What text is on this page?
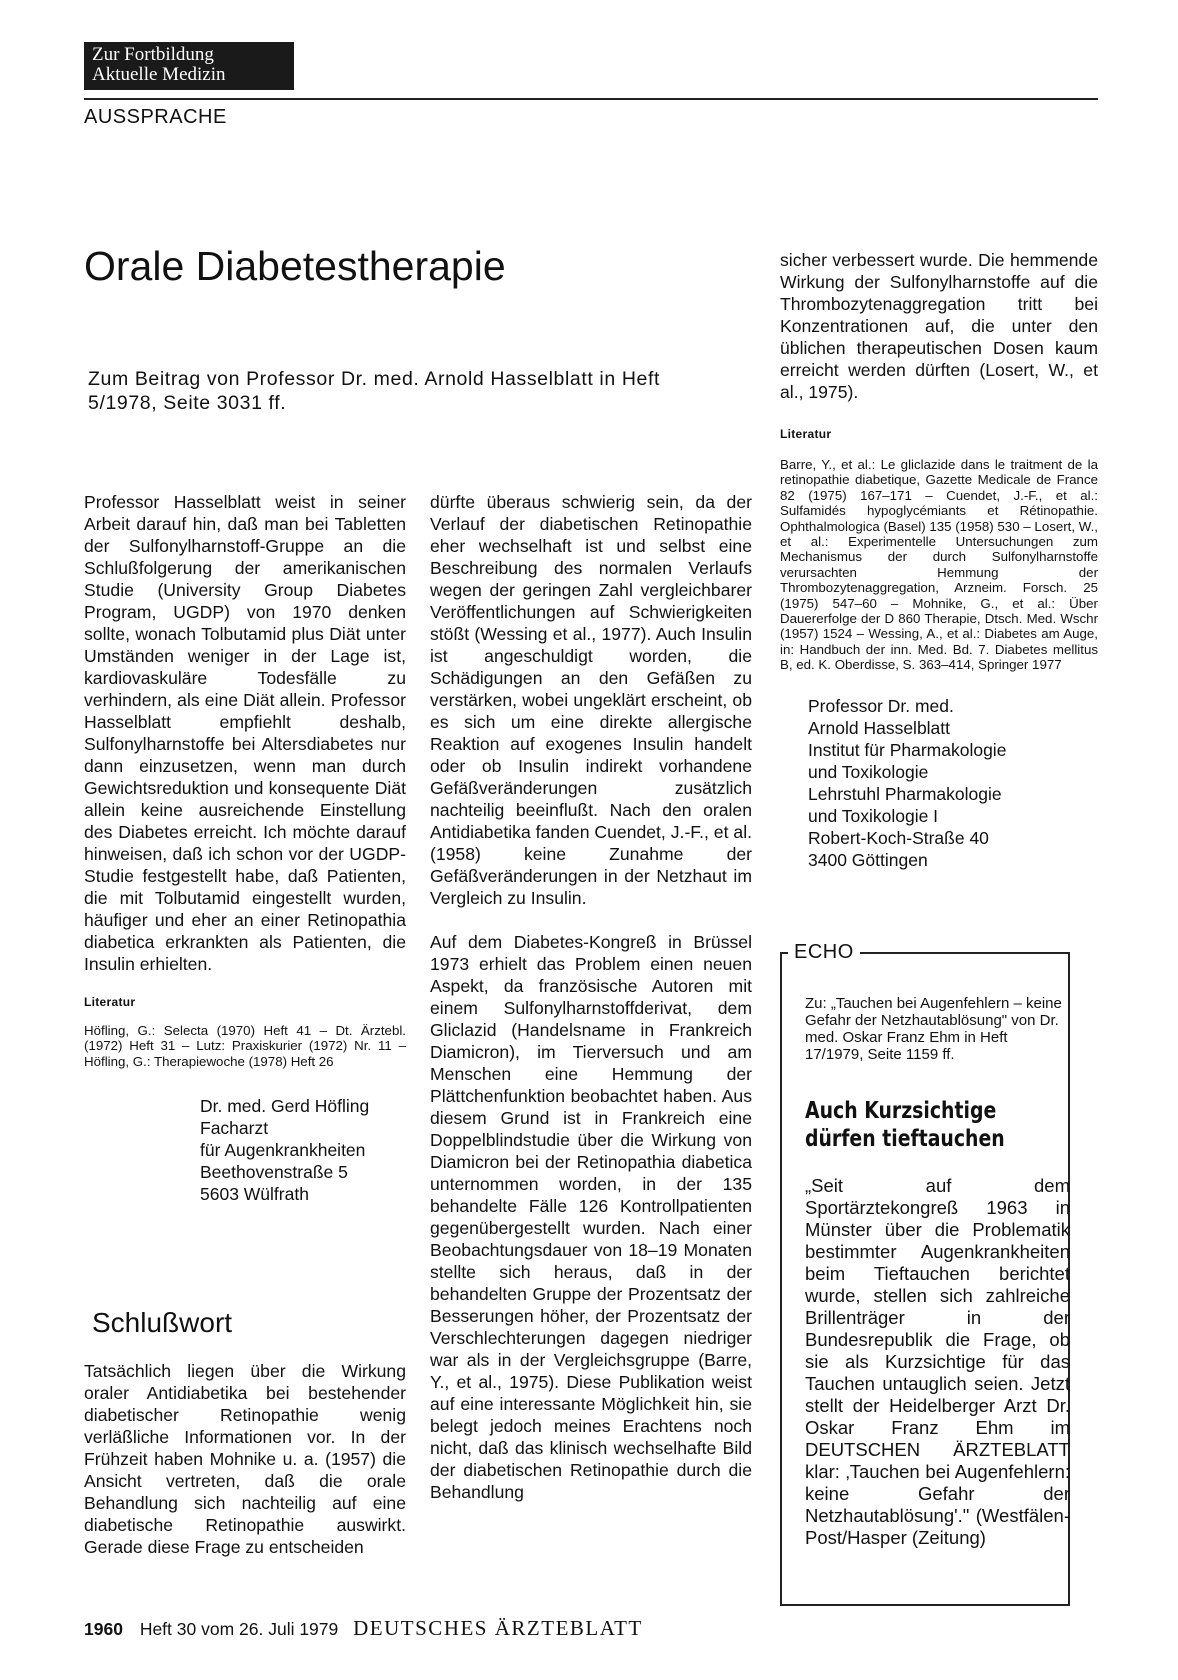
Zur Fortbildung
Aktuelle Medizin
AUSSPRACHE
Orale Diabetestherapie
Zum Beitrag von Professor Dr. med. Arnold Hasselblatt in Heft 5/1978, Seite 3031 ff.

Professor Hasselblatt weist in seiner Arbeit darauf hin, daß man bei Tabletten der Sulfonylharnstoff-Gruppe an die Schlußfolgerung der amerikanischen Studie (University Group Diabetes Program, UGDP) von 1970 denken sollte, wonach Tolbutamid plus Diät unter Umständen weniger in der Lage ist, kardiovaskuläre Todesfälle zu verhindern, als eine Diät allein. Professor Hasselblatt empfiehlt deshalb, Sulfonylharnstoffe bei Altersdiabetes nur dann einzusetzen, wenn man durch Gewichtsreduktion und konsequente Diät allein keine ausreichende Einstellung des Diabetes erreicht. Ich möchte darauf hinweisen, daß ich schon vor der UGDP-Studie festgestellt habe, daß Patienten, die mit Tolbutamid eingestellt wurden, häufiger und eher an einer Retinopathia diabetica erkrankten als Patienten, die Insulin erhielten.

Literatur
Höfling, G.: Selecta (1970) Heft 41 – Dt. Ärztebl. (1972) Heft 31 – Lutz: Praxiskurier (1972) Nr. 11 – Höfling, G.: Therapiewoche (1978) Heft 26
Dr. med. Gerd Höfling
Facharzt
für Augenkrankheiten
Beethovenstraße 5
5603 Wülfrath
Schlußwort

Tatsächlich liegen über die Wirkung oraler Antidiabetika bei bestehender diabetischer Retinopathie wenig verläßliche Informationen vor. In der Frühzeit haben Mohnike u. a. (1957) die Ansicht vertreten, daß die orale Behandlung sich nachteilig auf eine diabetische Retinopathie auswirkt. Gerade diese Frage zu entscheiden

dürfte überaus schwierig sein, da der Verlauf der diabetischen Retinopathie eher wechselhaft ist und selbst eine Beschreibung des normalen Verlaufs wegen der geringen Zahl vergleichbarer Veröffentlichungen auf Schwierigkeiten stößt (Wessing et al., 1977). Auch Insulin ist angeschuldigt worden, die Schädigungen an den Gefäßen zu verstärken, wobei ungeklärt erscheint, ob es sich um eine direkte allergische Reaktion auf exogenes Insulin handelt oder ob Insulin indirekt vorhandene Gefäßveränderungen zusätzlich nachteilig beeinflußt. Nach den oralen Antidiabetika fanden Cuendet, J.-F., et al. (1958) keine Zunahme der Gefäßveränderungen in der Netzhaut im Vergleich zu Insulin.

Auf dem Diabetes-Kongreß in Brüssel 1973 erhielt das Problem einen neuen Aspekt, da französische Autoren mit einem Sulfonylharnstoffderivat, dem Gliclazid (Handelsname in Frankreich Diamicron), im Tierversuch und am Menschen eine Hemmung der Plättchenfunktion beobachtet haben. Aus diesem Grund ist in Frankreich eine Doppelblindstudie über die Wirkung von Diamicron bei der Retinopathia diabetica unternommen worden, in der 135 behandelte Fälle 126 Kontrollpatienten gegenübergestellt wurden. Nach einer Beobachtungsdauer von 18–19 Monaten stellte sich heraus, daß in der behandelten Gruppe der Prozentsatz der Besserungen höher, der Prozentsatz der Verschlechterungen dagegen niedriger war als in der Vergleichsgruppe (Barre, Y., et al., 1975). Diese Publikation weist auf eine interessante Möglichkeit hin, sie belegt jedoch meines Erachtens noch nicht, daß das klinisch wechselhafte Bild der diabetischen Retinopathie durch die Behandlung

sicher verbessert wurde. Die hemmende Wirkung der Sulfonylharnstoffe auf die Thrombozytenaggregation tritt bei Konzentrationen auf, die unter den üblichen therapeutischen Dosen kaum erreicht werden dürften (Losert, W., et al., 1975).

Literatur
Barre, Y., et al.: Le gliclazide dans le traitment de la retinopathie diabetique, Gazette Medicale de France 82 (1975) 167–171 – Cuendet, J.-F., et al.: Sulfamidés hypoglycémiants et Rétinopathie. Ophthalmologica (Basel) 135 (1958) 530 – Losert, W., et al.: Experimentelle Untersuchungen zum Mechanismus der durch Sulfonylharnstoffe verursachten Hemmung der Thrombozytenaggregation, Arzneim. Forsch. 25 (1975) 547–60 – Mohnike, G., et al.: Über Dauererfolge der D 860 Therapie, Dtsch. Med. Wschr (1957) 1524 – Wessing, A., et al.: Diabetes am Auge, in: Handbuch der inn. Med. Bd. 7. Diabetes mellitus B, ed. K. Oberdisse, S. 363–414, Springer 1977
Professor Dr. med.
Arnold Hasselblatt
Institut für Pharmakologie
und Toxikologie
Lehrstuhl Pharmakologie
und Toxikologie I
Robert-Koch-Straße 40
3400 Göttingen
ECHO
Zu: „Tauchen bei Augenfehlern – keine Gefahr der Netzhautablösung" von Dr. med. Oskar Franz Ehm in Heft 17/1979, Seite 1159 ff.
Auch Kurzsichtige
dürfen tieftauchen
„Seit auf dem Sportärztekongreß 1963 in Münster über die Problematik bestimmter Augenkrankheiten beim Tieftauchen berichtet wurde, stellen sich zahlreiche Brillenträger in der Bundesrepublik die Frage, ob sie als Kurzsichtige für das Tauchen untauglich seien. Jetzt stellt der Heidelberger Arzt Dr. Oskar Franz Ehm im DEUTSCHEN ÄRZTEBLATT klar: ‚Tauchen bei Augenfehlern: keine Gefahr der Netzhautablösung'." (Westfälen-Post/Hasper (Zeitung)
1960 Heft 30 vom 26. Juli 1979 DEUTSCHES ÄRZTEBLATT
